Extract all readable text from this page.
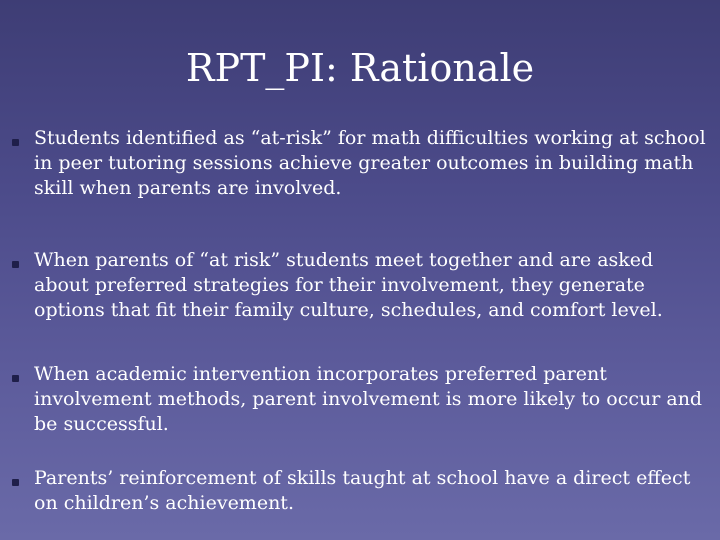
RPT_PI: Rationale
Students identified as “at-risk” for math difficulties working at school in peer tutoring sessions achieve greater outcomes in building math skill when parents are involved.
When parents of “at risk” students meet together and are asked about preferred strategies for their involvement, they generate options that fit their family culture, schedules, and comfort level.
When academic intervention incorporates preferred parent involvement methods, parent involvement is more likely to occur and be successful.
Parents’ reinforcement of skills taught at school have a direct effect on children’s achievement.
